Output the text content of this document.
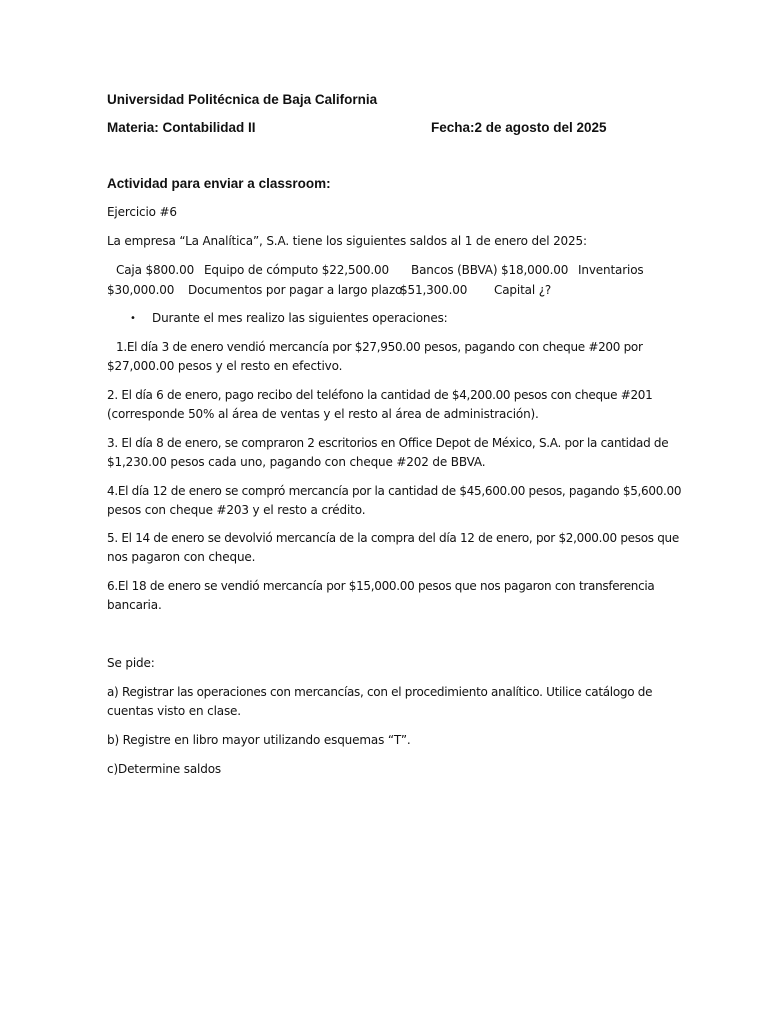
Universidad Politécnica de Baja California
Materia: Contabilidad II	Fecha:2 de agosto del 2025
Actividad para enviar a classroom:
Ejercicio #6
La empresa “La Analítica”, S.A. tiene los siguientes saldos al 1 de enero del 2025:
Caja $800.00 Equipo de cómputo $22,500.00 Bancos (BBVA) $18,000.00 Inventarios
$30,000.00 Documentos por pagar a largo plazo
$51,300.00 Capital ¿?
• Durante el mes realizo las siguientes operaciones:
1.El día 3 de enero vendió mercancía por $27,950.00 pesos, pagando con cheque #200 por
$27,000.00 pesos y el resto en efectivo.
2. El día 6 de enero, pago recibo del teléfono la cantidad de $4,200.00 pesos con cheque #201
(corresponde 50% al área de ventas y el resto al área de administración).
3. El día 8 de enero, se compraron 2 escritorios en Office Depot de México, S.A. por la cantidad de
$1,230.00 pesos cada uno, pagando con cheque #202 de BBVA.
4.El día 12 de enero se compró mercancía por la cantidad de $45,600.00 pesos, pagando $5,600.00
pesos con cheque #203 y el resto a crédito.
5. El 14 de enero se devolvió mercancía de la compra del día 12 de enero, por $2,000.00 pesos que
nos pagaron con cheque.
6.El 18 de enero se vendió mercancía por $15,000.00 pesos que nos pagaron con transferencia
bancaria.
Se pide:
a) Registrar las operaciones con mercancías, con el procedimiento analítico. Utilice catálogo de
cuentas visto en clase.
b) Registre en libro mayor utilizando esquemas “T”.
c)Determine saldos
